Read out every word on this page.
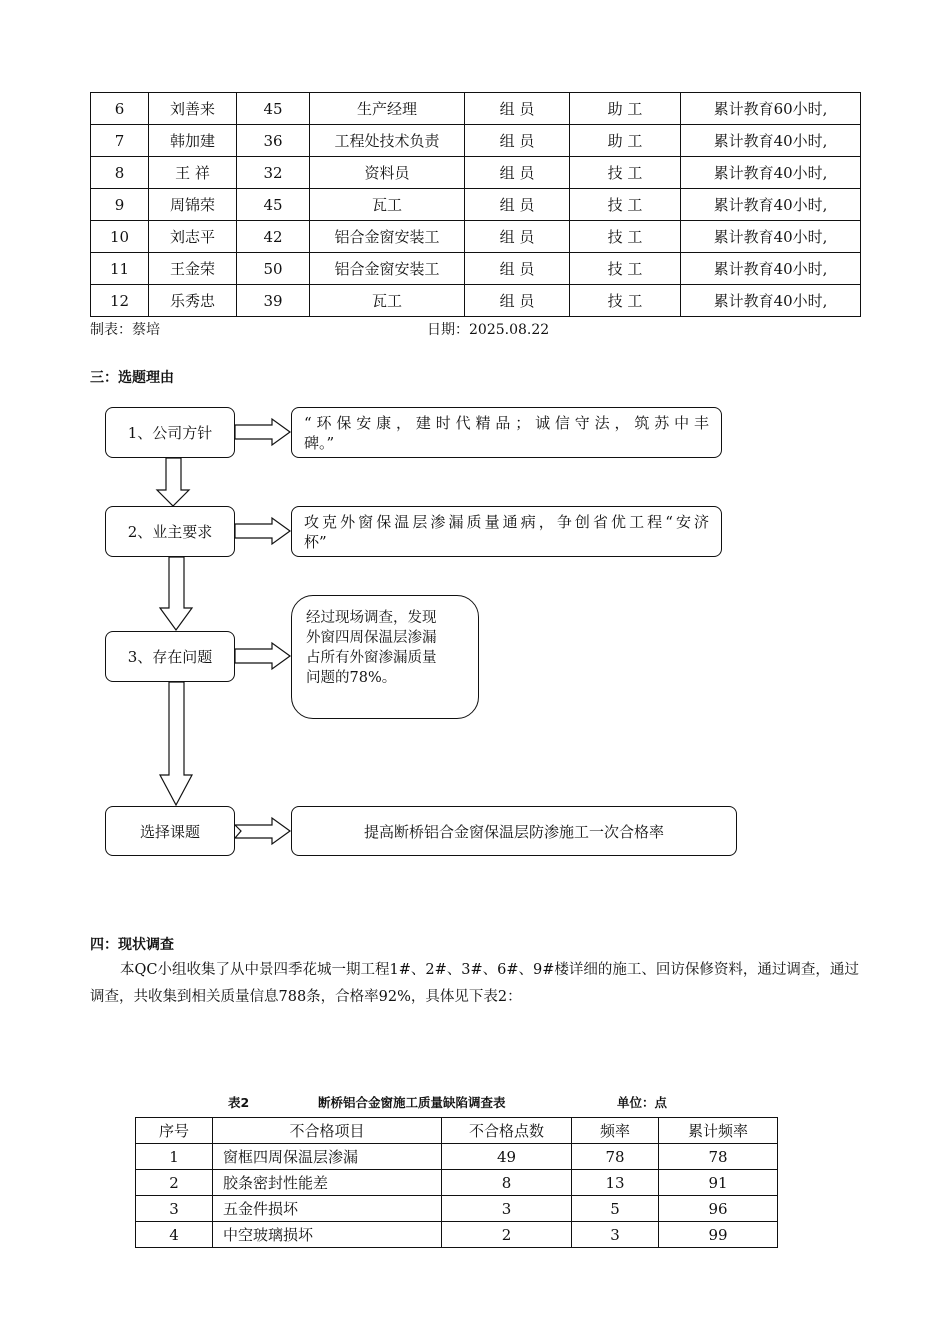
6	刘善来	45	生产经理	组 员	助 工	累计教育60小时,
7	韩加建	36	工程处技术负责	组 员	助 工	累计教育40小时,
8	王 祥	32	资料员	组 员	技 工	累计教育40小时,
9	周锦荣	45	瓦工	组 员	技 工	累计教育40小时,
10	刘志平	42	铝合金窗安装工	组 员	技 工	累计教育40小时,
11	王金荣	50	铝合金窗安装工	组 员	技 工	累计教育40小时,
12	乐秀忠	39	瓦工	组 员	技 工	累计教育40小时,
制表：蔡培	日期：2025.08.22
三：选题理由
1、公司方针
“环保安康，建时代精品；诚信守法，筑苏中丰
碑。”
2、业主要求
攻克外窗保温层渗漏质量通病，争创省优工程“安济
杯”
3、存在问题
经过现场调查，发现
外窗四周保温层渗漏
占所有外窗渗漏质量
问题的78%。
选择课题	提高断桥铝合金窗保温层防渗施工一次合格率
四：现状调查
本QC小组收集了从中景四季花城一期工程1#、2#、3#、6#、9#楼详细的施工、回访保修资料，通过调查，通过调查，共收集到相关质量信息788条，合格率92%，具体见下表2：
表2	断桥铝合金窗施工质量缺陷调查表	单位：点
序号	不合格项目	不合格点数	频率	累计频率
1	窗框四周保温层渗漏	49	78	78
2	胶条密封性能差	8	13	91
3	五金件损坏	3	5	96
4	中空玻璃损坏	2	3	99
